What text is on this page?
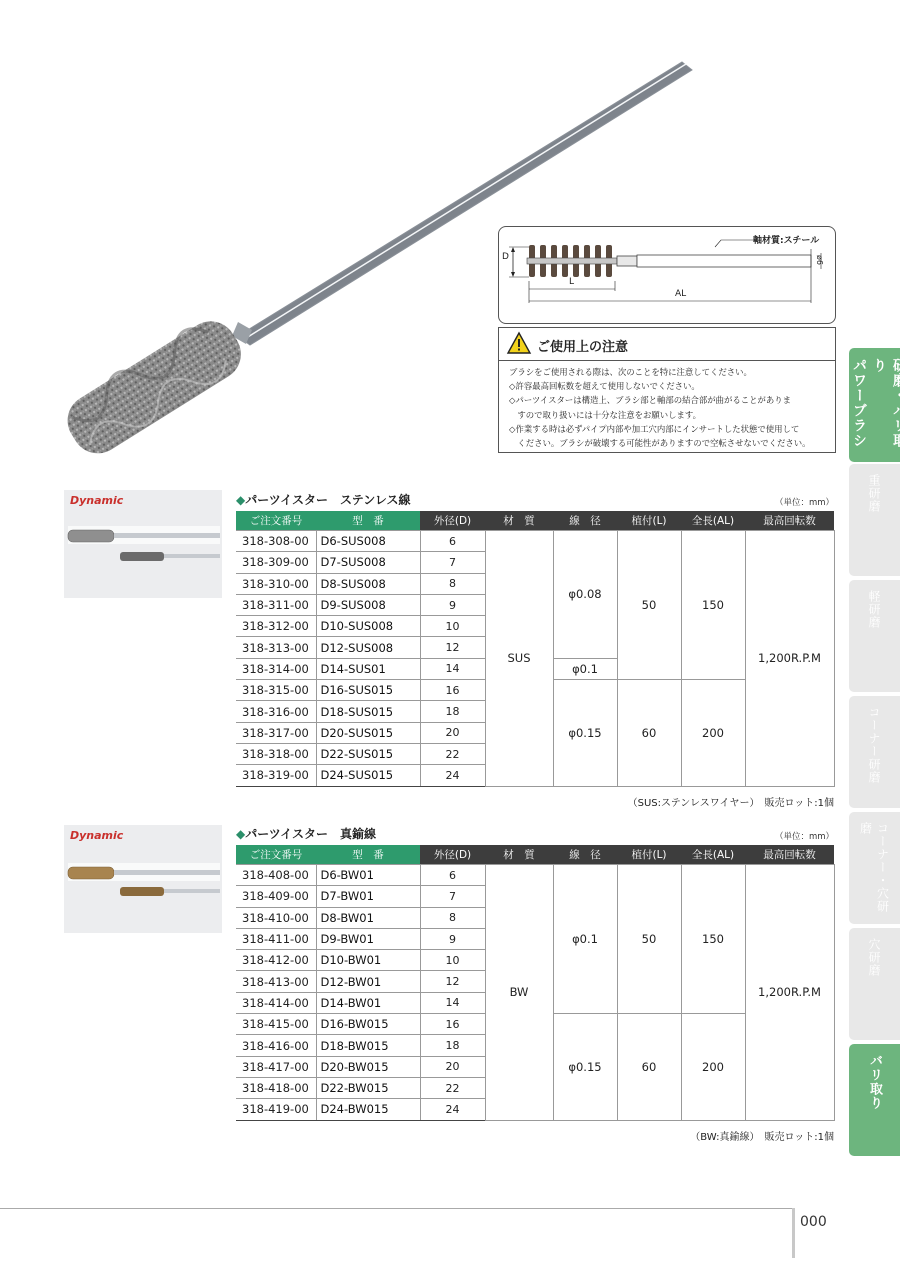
軸材質:スチール
D
L
AL
ø6
ご使用上の注意
ブラシをご使用される際は、次のことを特に注意してください。
◇許容最高回転数を超えて使用しないでください。
◇パーツイスターは構造上、ブラシ部と軸部の結合部が曲がることがありま
　すので取り扱いには十分な注意をお願いします。
◇作業する時は必ずパイプ内部や加工穴内部にインサートした状態で使用して
　ください。ブラシが破壊する可能性がありますので空転させないでください。	研磨・バリ取り
パワーブラシ
重研磨
軽研磨
コーナー研磨
コーナー・穴研磨
穴研磨
バリ取り
Dynamic	◆パーツイスター　ステンレス線	（単位：mm）
ご注文番号	型　番	外径(D)	材　質	線　径	植付(L)	全長(AL)	最高回転数
318-308-00	D6-SUS008	6	SUS	φ0.08	50	150	1,200R.P.M
318-309-00	D7-SUS008	7					
318-310-00	D8-SUS008	8					
318-311-00	D9-SUS008	9					
318-312-00	D10-SUS008	10					
318-313-00	D12-SUS008	12					
318-314-00	D14-SUS01	14		φ0.1			
318-315-00	D16-SUS015	16		φ0.15	60	200	
318-316-00	D18-SUS015	18					
318-317-00	D20-SUS015	20					
318-318-00	D22-SUS015	22					
318-319-00	D24-SUS015	24					
（SUS:ステンレスワイヤー）　販売ロット:1個
Dynamic	◆パーツイスター　真鍮線	（単位：mm）
ご注文番号	型　番	外径(D)	材　質	線　径	植付(L)	全長(AL)	最高回転数
318-408-00	D6-BW01	6	BW	φ0.1	50	150	1,200R.P.M
318-409-00	D7-BW01	7					
318-410-00	D8-BW01	8					
318-411-00	D9-BW01	9					
318-412-00	D10-BW01	10					
318-413-00	D12-BW01	12					
318-414-00	D14-BW01	14					
318-415-00	D16-BW015	16		φ0.15	60	200	
318-416-00	D18-BW015	18					
318-417-00	D20-BW015	20					
318-418-00	D22-BW015	22					
318-419-00	D24-BW015	24					
（BW:真鍮線）　販売ロット:1個
000
